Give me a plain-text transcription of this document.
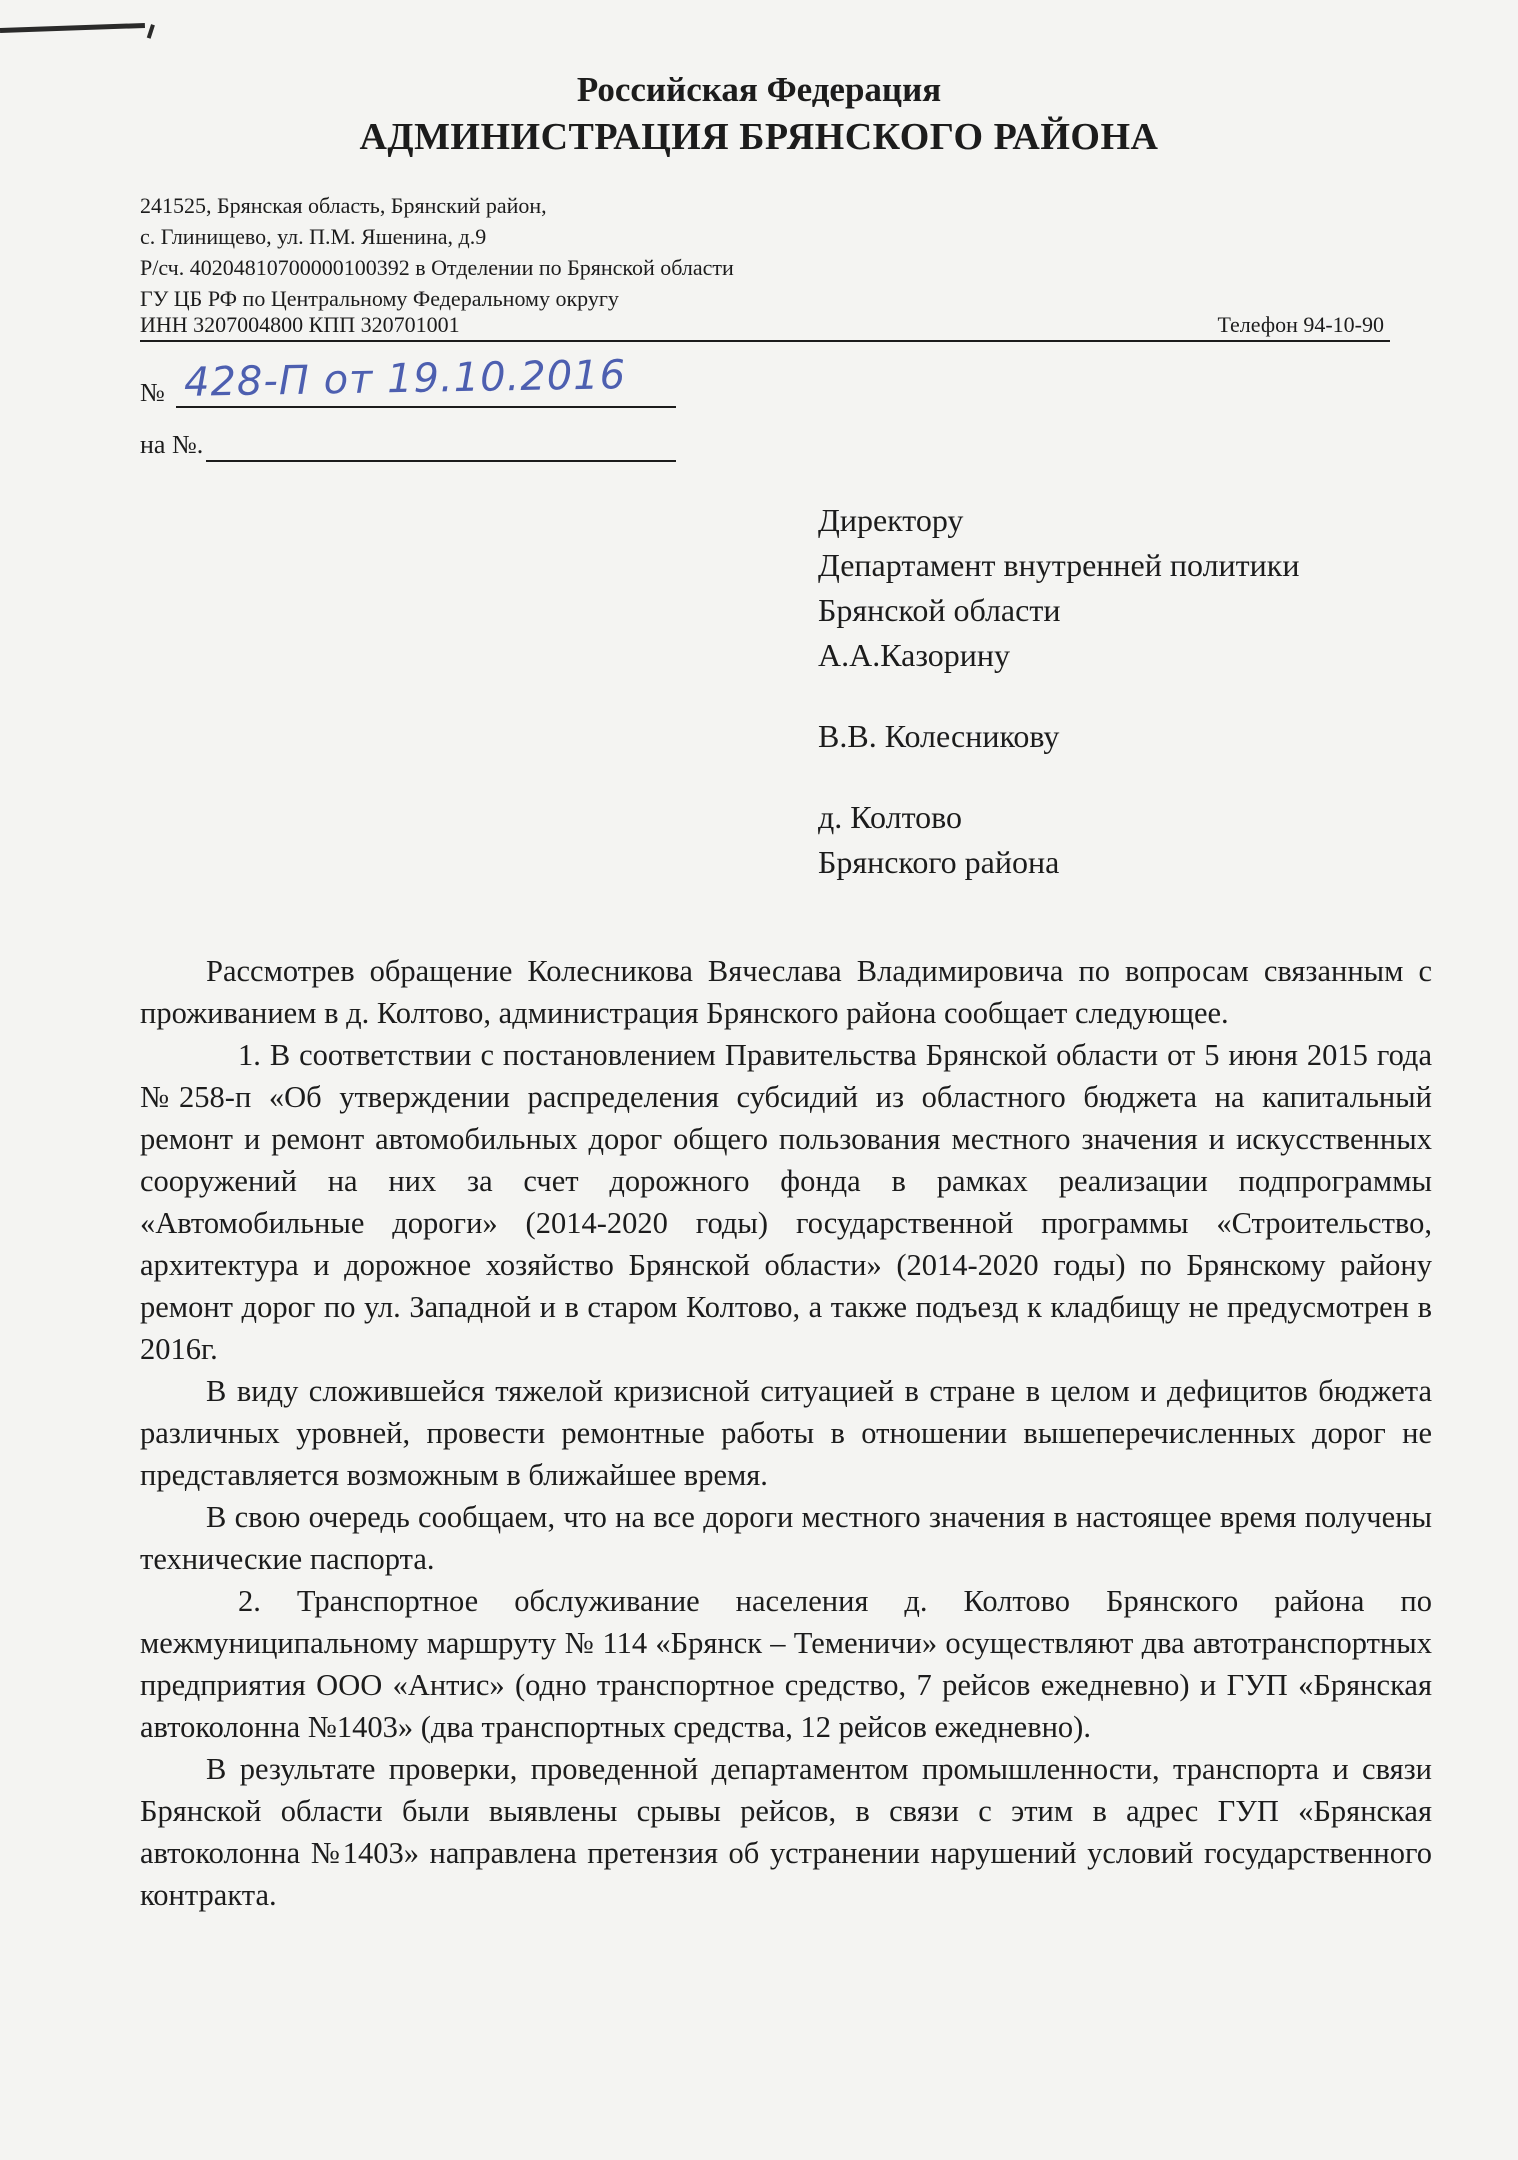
Российская Федерация
АДМИНИСТРАЦИЯ БРЯНСКОГО РАЙОНА
241525, Брянская область, Брянский район,
с. Глинищево, ул. П.М. Яшенина, д.9
Р/сч. 40204810700000100392 в Отделении по Брянской области
ГУ ЦБ РФ по Центральному Федеральному округу
ИНН 3207004800 КПП 320701001	Телефон 94-10-90
№ 428-П от 19.10.2016
на №.
Директору
Департамент внутренней политики
Брянской области
А.А.Казорину
В.В. Колесникову
д. Колтово
Брянского района

Рассмотрев обращение Колесникова Вячеслава Владимировича по вопросам связанным с проживанием в д. Колтово, администрация Брянского района сообщает следующее.

1. В соответствии с постановлением Правительства Брянской области от 5 июня 2015 года №258-п «Об утверждении распределения субсидий из областного бюджета на капитальный ремонт и ремонт автомобильных дорог общего пользования местного значения и искусственных сооружений на них за счет дорожного фонда в рамках реализации подпрограммы «Автомобильные дороги» (2014-2020 годы) государственной программы «Строительство, архитектура и дорожное хозяйство Брянской области» (2014-2020 годы) по Брянскому району ремонт дорог по ул. Западной и в старом Колтово, а также подъезд к кладбищу не предусмотрен в 2016г.

В виду сложившейся тяжелой кризисной ситуацией в стране в целом и дефицитов бюджета различных уровней, провести ремонтные работы в отношении вышеперечисленных дорог не представляется возможным в ближайшее время.

В свою очередь сообщаем, что на все дороги местного значения в настоящее время получены технические паспорта.

2. Транспортное обслуживание населения д. Колтово Брянского района по межмуниципальному маршруту № 114 «Брянск – Теменичи» осуществляют два автотранспортных предприятия ООО «Антис» (одно транспортное средство, 7 рейсов ежедневно) и ГУП «Брянская автоколонна №1403» (два транспортных средства, 12 рейсов ежедневно).

В результате проверки, проведенной департаментом промышленности, транспорта и связи Брянской области были выявлены срывы рейсов, в связи с этим в адрес ГУП «Брянская автоколонна №1403» направлена претензия об устранении нарушений условий государственного контракта.
